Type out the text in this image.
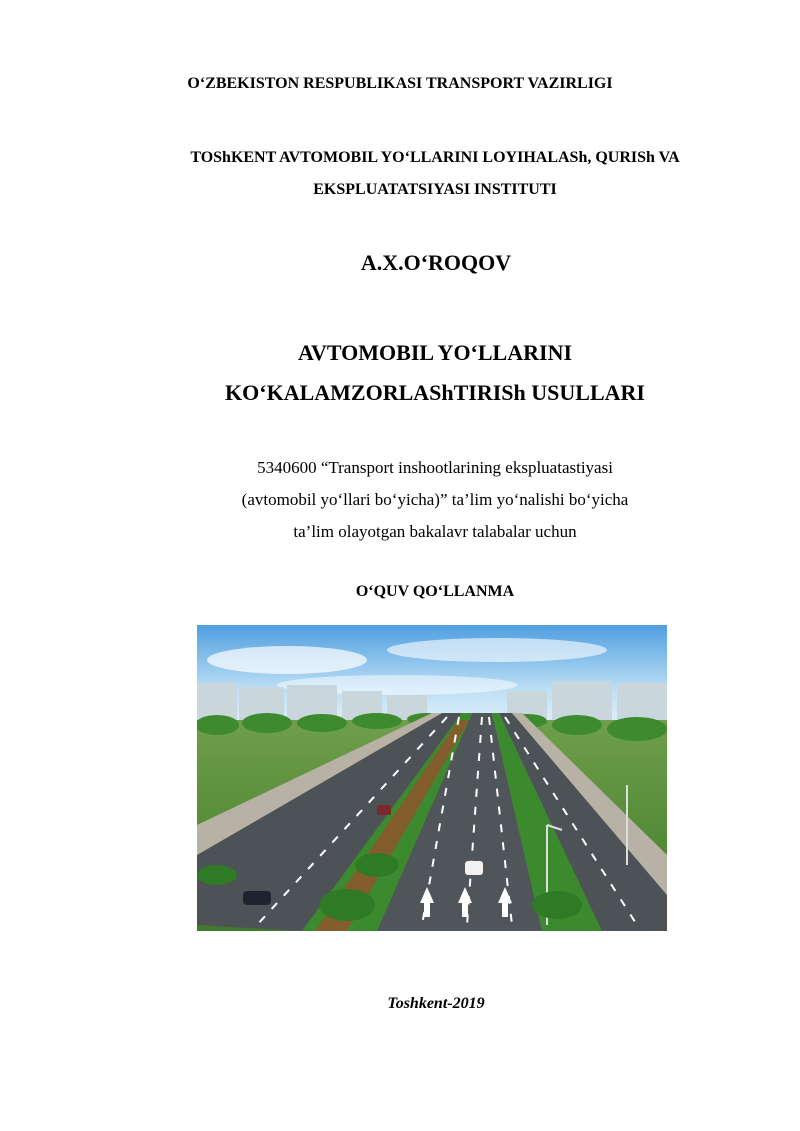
O‘ZBEKISTON RESPUBLIKASI TRANSPORT VAZIRLIGI
TOShKENT AVTOMOBIL YO‘LLARINI LOYIHALASh, QURISh VA
EKSPLUATATSIYASI INSTITUTI
A.X.O‘ROQOV
AVTOMOBIL YO‘LLARINI
KO‘KALAMZORLAShTIRISh USULLARI
5340600 “Transport inshootlarining ekspluatastiyasi
(avtomobil yo‘llari bo‘yicha)” ta’lim yo‘nalishi bo‘yicha
ta’lim olayotgan bakalavr talabalar uchun
O‘QUV QO‘LLANMA
Toshkent-2019
